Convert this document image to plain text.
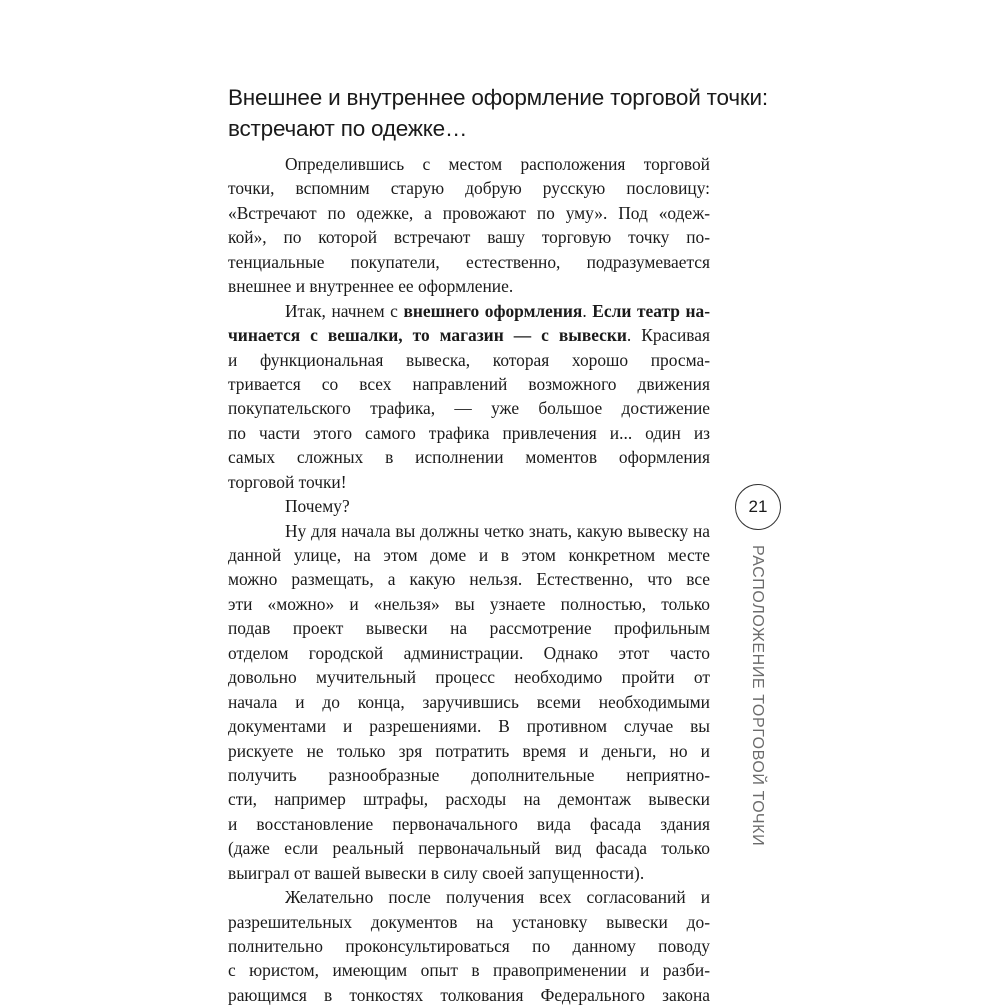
Внешнее и внутреннее оформление торговой точки:
встречают по одежке…
Определившись с местом расположения торговой
точки, вспомним старую добрую русскую пословицу:
«Встречают по одежке, а провожают по уму». Под «одеж-
кой», по которой встречают вашу торговую точку по-
тенциальные покупатели, естественно, подразумевается
внешнее и внутреннее ее оформление.
Итак, начнем с внешнего оформления. Если театр на-
чинается с вешалки, то магазин — с вывески. Красивая
и функциональная вывеска, которая хорошо просма-
тривается со всех направлений возможного движения
покупательского трафика, — уже большое достижение
по части этого самого трафика привлечения и... один из
самых сложных в исполнении моментов оформления
торговой точки!
Почему?
Ну для начала вы должны четко знать, какую вывеску на
данной улице, на этом доме и в этом конкретном месте
можно размещать, а какую нельзя. Естественно, что все
эти «можно» и «нельзя» вы узнаете полностью, только
подав проект вывески на рассмотрение профильным
отделом городской администрации. Однако этот часто
довольно мучительный процесс необходимо пройти от
начала и до конца, заручившись всеми необходимыми
документами и разрешениями. В противном случае вы
рискуете не только зря потратить время и деньги, но и
получить разнообразные дополнительные неприятно-
сти, например штрафы, расходы на демонтаж вывески
и восстановление первоначального вида фасада здания
(даже если реальный первоначальный вид фасада только
выиграл от вашей вывески в силу своей запущенности).
Желательно после получения всех согласований и
разрешительных документов на установку вывески до-
полнительно проконсультироваться по данному поводу
с юристом, имеющим опыт в правоприменении и разби-
рающимся в тонкостях толкования Федерального закона
21
РАСПОЛОЖЕНИЕ ТОРГОВОЙ ТОЧКИ
